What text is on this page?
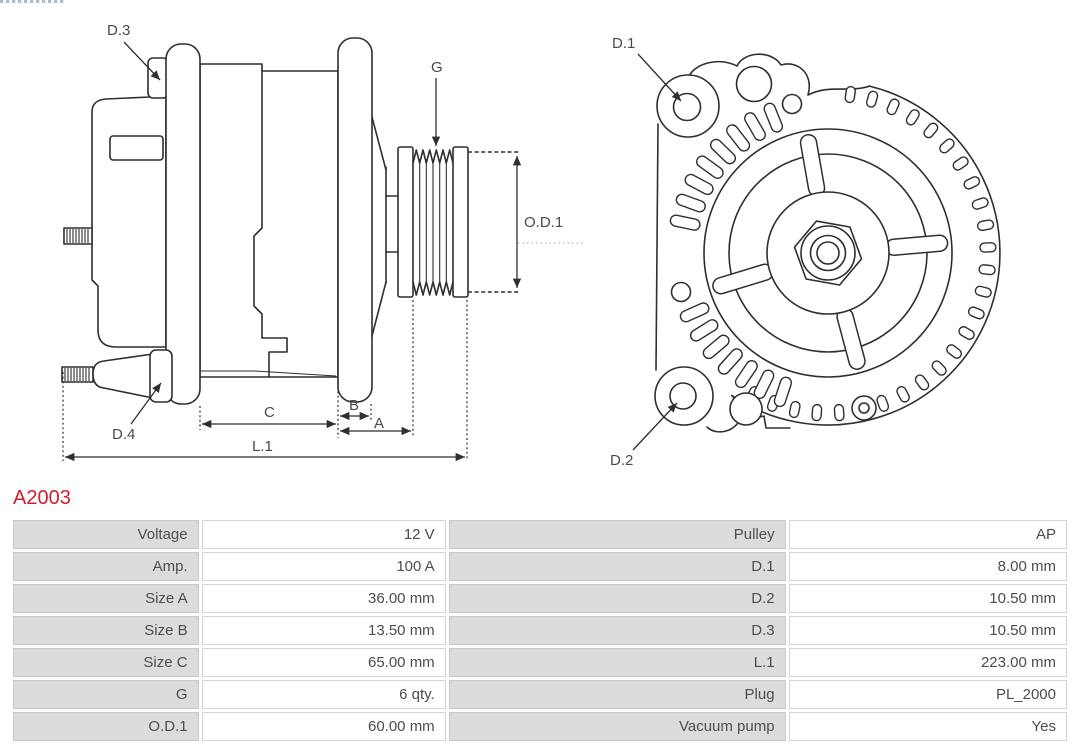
D.3
D.4
G
O.D.1
C	B
A
L.1
D.1
D.2
A2003
Voltage	12 V	Pulley	AP
Amp.	100 A	D.1	8.00 mm
Size A	36.00 mm	D.2	10.50 mm
Size B	13.50 mm	D.3	10.50 mm
Size C	65.00 mm	L.1	223.00 mm
G	6 qty.	Plug	PL_2000
O.D.1	60.00 mm	Vacuum pump	Yes
